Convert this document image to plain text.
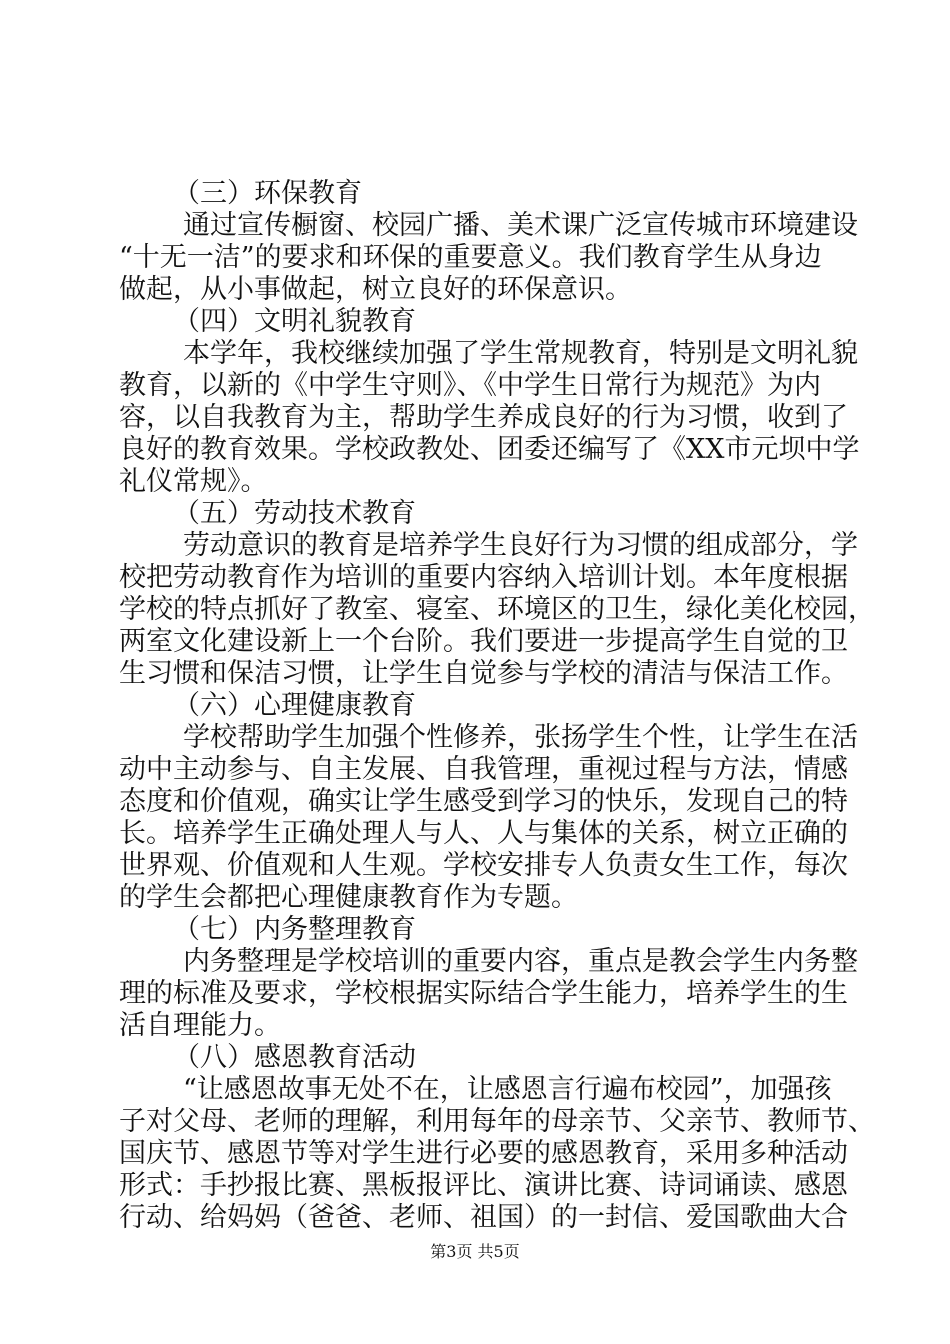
（三）环保教育
通过宣传橱窗、校园广播、美术课广泛宣传城市环境建设
“十无一洁”的要求和环保的重要意义。我们教育学生从身边
做起，从小事做起，树立良好的环保意识。
（四）文明礼貌教育
本学年，我校继续加强了学生常规教育，特别是文明礼貌
教育，以新的《中学生守则》、《中学生日常行为规范》为内
容，以自我教育为主，帮助学生养成良好的行为习惯，收到了
良好的教育效果。学校政教处、团委还编写了《XX市元坝中学
礼仪常规》。
（五）劳动技术教育
劳动意识的教育是培养学生良好行为习惯的组成部分，学
校把劳动教育作为培训的重要内容纳入培训计划。本年度根据
学校的特点抓好了教室、寝室、环境区的卫生，绿化美化校园，
两室文化建设新上一个台阶。我们要进一步提高学生自觉的卫
生习惯和保洁习惯，让学生自觉参与学校的清洁与保洁工作。
（六）心理健康教育
学校帮助学生加强个性修养，张扬学生个性，让学生在活
动中主动参与、自主发展、自我管理，重视过程与方法，情感
态度和价值观，确实让学生感受到学习的快乐，发现自己的特
长。培养学生正确处理人与人、人与集体的关系，树立正确的
世界观、价值观和人生观。学校安排专人负责女生工作，每次
的学生会都把心理健康教育作为专题。
（七）内务整理教育
内务整理是学校培训的重要内容，重点是教会学生内务整
理的标准及要求，学校根据实际结合学生能力，培养学生的生
活自理能力。
（八）感恩教育活动
“让感恩故事无处不在，让感恩言行遍布校园”，加强孩
子对父母、老师的理解，利用每年的母亲节、父亲节、教师节、
国庆节、感恩节等对学生进行必要的感恩教育，采用多种活动
形式：手抄报比赛、黑板报评比、演讲比赛、诗词诵读、感恩
行动、给妈妈（爸爸、老师、祖国）的一封信、爱国歌曲大合
第3页 共5页
